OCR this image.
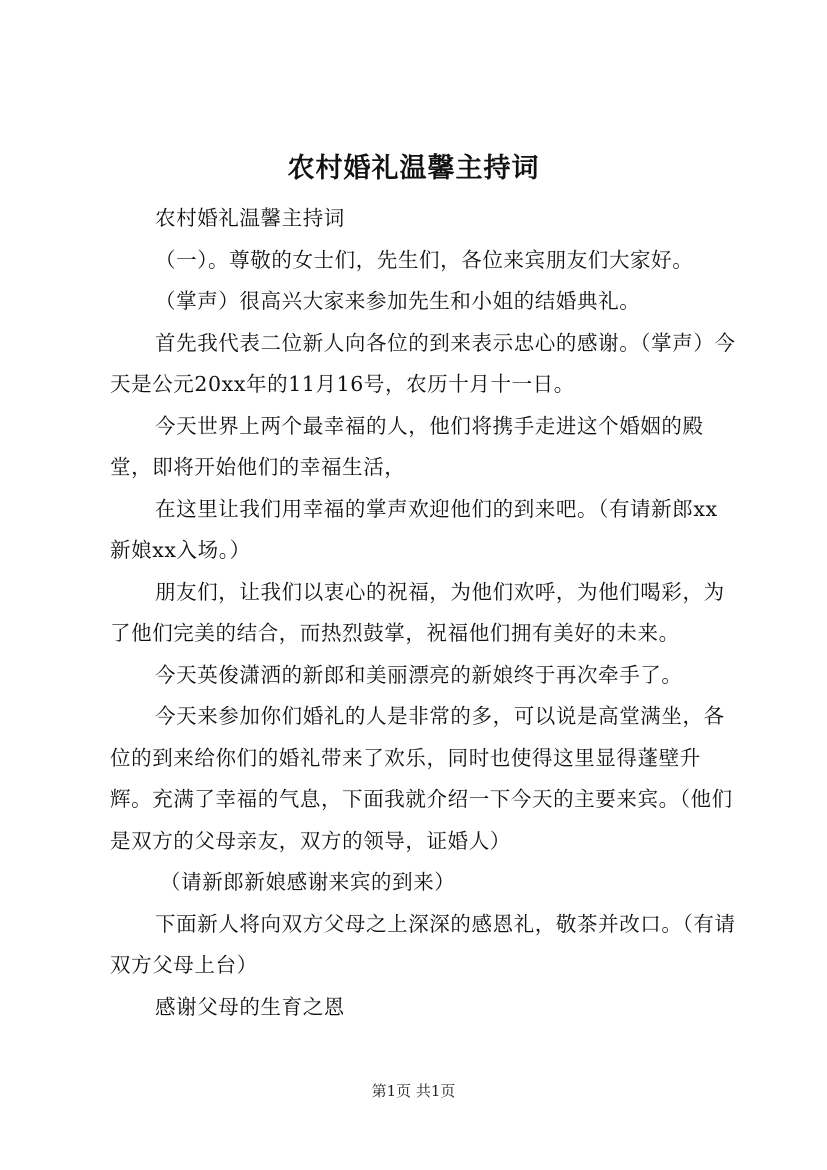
农村婚礼温馨主持词

农村婚礼温馨主持词

（一）。尊敬的女士们，先生们，各位来宾朋友们大家好。

（掌声）很高兴大家来参加先生和小姐的结婚典礼。

首先我代表二位新人向各位的到来表示忠心的感谢。（掌声）今天是公元20xx年的11月16号，农历十月十一日。

今天世界上两个最幸福的人，他们将携手走进这个婚姻的殿堂，即将开始他们的幸福生活，

在这里让我们用幸福的掌声欢迎他们的到来吧。（有请新郎xx新娘xx入场。）

朋友们，让我们以衷心的祝福，为他们欢呼，为他们喝彩，为了他们完美的结合，而热烈鼓掌，祝福他们拥有美好的未来。

今天英俊潇洒的新郎和美丽漂亮的新娘终于再次牵手了。

今天来参加你们婚礼的人是非常的多，可以说是高堂满坐，各位的到来给你们的婚礼带来了欢乐，同时也使得这里显得蓬壁升辉。充满了幸福的气息，下面我就介绍一下今天的主要来宾。（他们是双方的父母亲友，双方的领导，证婚人）

（请新郎新娘感谢来宾的到来）

下面新人将向双方父母之上深深的感恩礼，敬茶并改口。（有请双方父母上台）

感谢父母的生育之恩

第1页 共1页
